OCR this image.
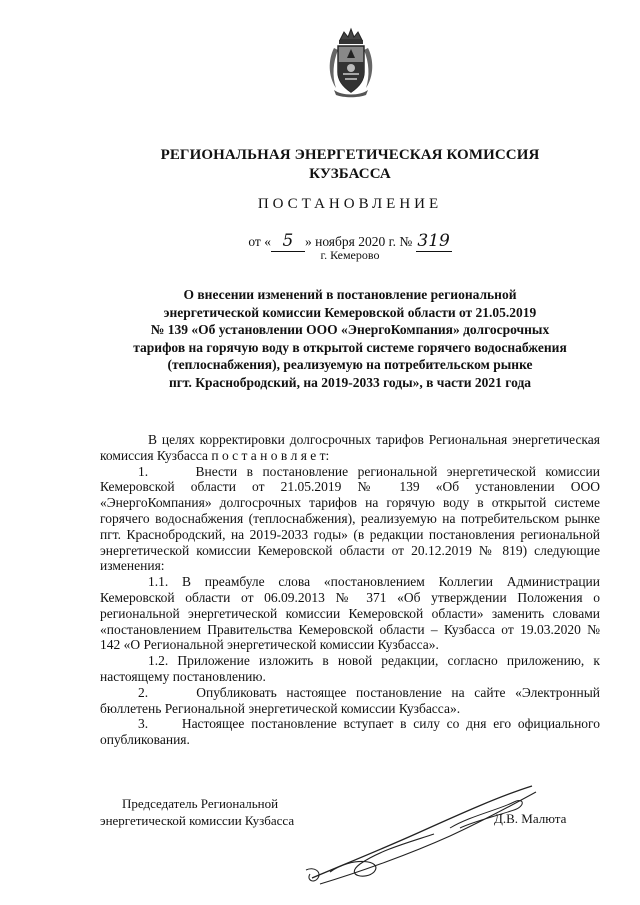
РЕГИОНАЛЬНАЯ ЭНЕРГЕТИЧЕСКАЯ КОМИССИЯ
КУЗБАССА
ПОСТАНОВЛЕНИЕ
от « 5 » ноября 2020 г. № 319
г. Кемерово
О внесении изменений в постановление региональной
энергетической комиссии Кемеровской области от 21.05.2019
№ 139 «Об установлении ООО «ЭнергоКомпания» долгосрочных
тарифов на горячую воду в открытой системе горячего водоснабжения
(теплоснабжения), реализуемую на потребительском рынке
пгт. Краснобродский, на 2019-2033 годы», в части 2021 года

В целях корректировки долгосрочных тарифов Региональная энергетическая комиссия Кузбасса п о с т а н о в л я е т:

1.     Внести в постановление региональной энергетической комиссии Кемеровской области от 21.05.2019 № 139 «Об установлении ООО «ЭнергоКомпания» долгосрочных тарифов на горячую воду в открытой системе горячего водоснабжения (теплоснабжения), реализуемую на потребительском рынке пгт. Краснобродский, на 2019-2033 годы» (в редакции постановления региональной энергетической комиссии Кемеровской области от 20.12.2019 № 819) следующие изменения:

1.1. В преамбуле слова «постановлением Коллегии Администрации Кемеровской области от 06.09.2013 № 371 «Об утверждении Положения о региональной энергетической комиссии Кемеровской области» заменить словами «постановлением Правительства Кемеровской области – Кузбасса от 19.03.2020 № 142 «О Региональной энергетической комиссии Кузбасса».

1.2. Приложение изложить в новой редакции, согласно приложению, к настоящему постановлению.

2.     Опубликовать настоящее постановление на сайте «Электронный бюллетень Региональной энергетической комиссии Кузбасса».

3.     Настоящее постановление вступает в силу со дня его официального опубликования.

Председатель Региональной
энергетической комиссии Кузбасса	Д.В. Малюта
